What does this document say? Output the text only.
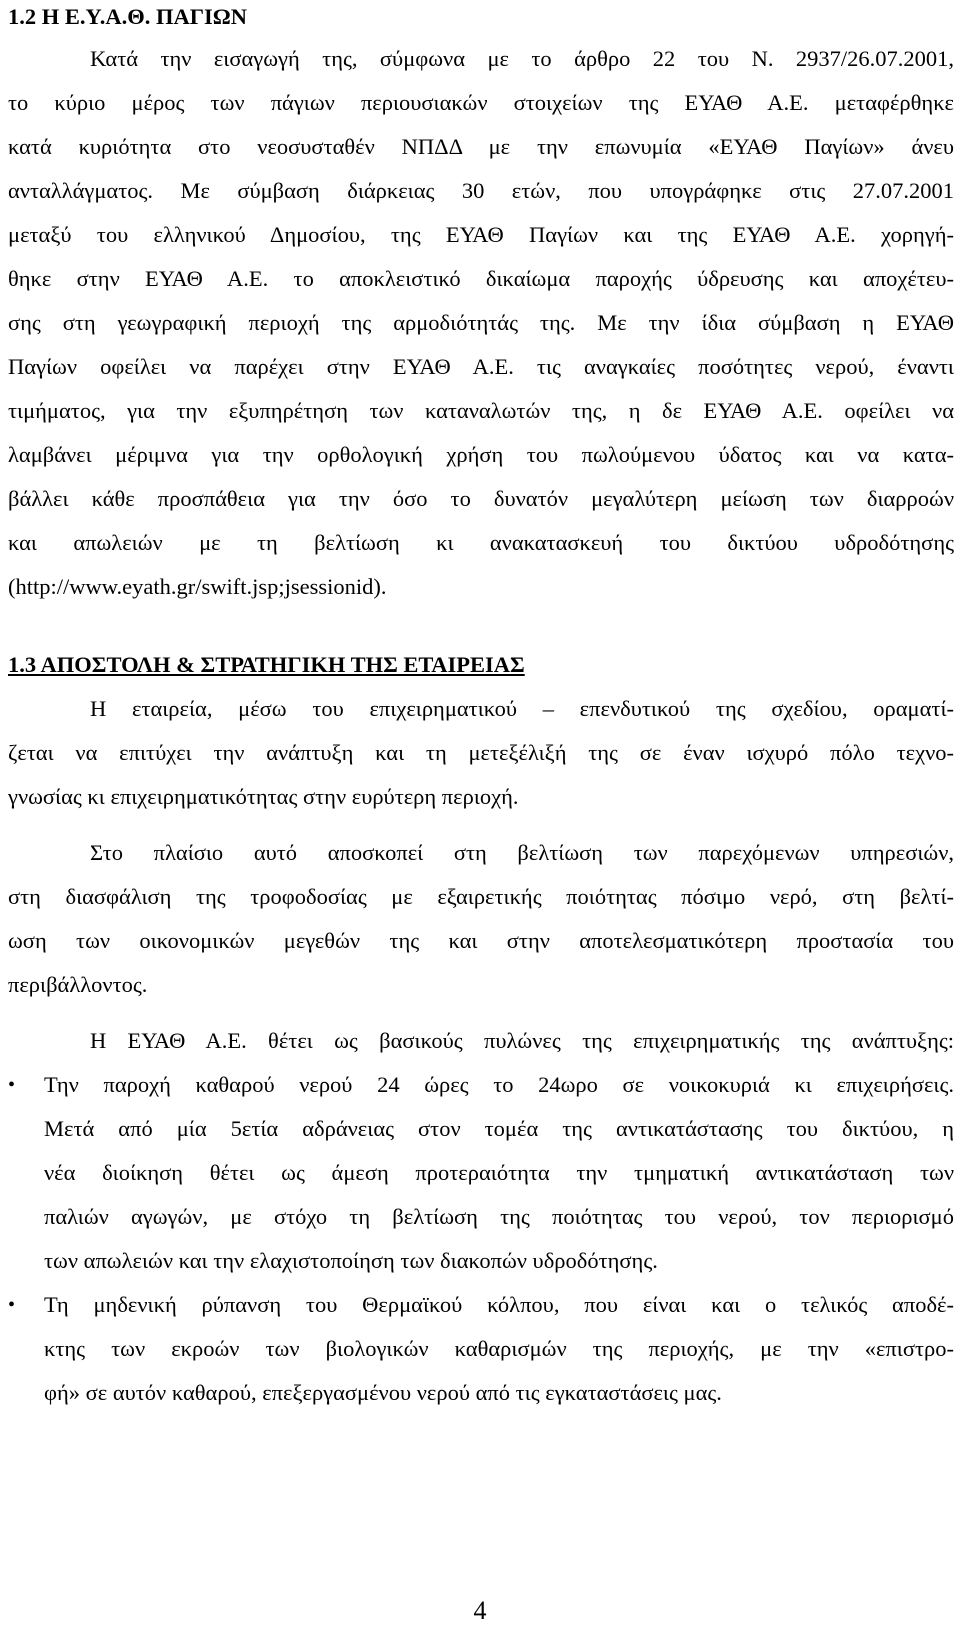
1.2 Η Ε.Υ.Α.Θ. ΠΑΓΙΩΝ
Κατά την εισαγωγή της, σύμφωνα με το άρθρο 22 του Ν. 2937/26.07.2001,
το κύριο μέρος των πάγιων περιουσιακών στοιχείων της ΕΥΑΘ Α.Ε. μεταφέρθηκε
κατά κυριότητα στο νεοσυσταθέν ΝΠΔΔ με την επωνυμία «ΕΥΑΘ Παγίων» άνευ
ανταλλάγματος. Με σύμβαση διάρκειας 30 ετών, που υπογράφηκε στις 27.07.2001
μεταξύ του ελληνικού Δημοσίου, της ΕΥΑΘ Παγίων και της ΕΥΑΘ Α.Ε. χορηγή-
θηκε στην ΕΥΑΘ Α.Ε. το αποκλειστικό δικαίωμα παροχής ύδρευσης και αποχέτευ-
σης στη γεωγραφική περιοχή της αρμοδιότητάς της. Με την ίδια σύμβαση η ΕΥΑΘ
Παγίων οφείλει να παρέχει στην ΕΥΑΘ Α.Ε. τις αναγκαίες ποσότητες νερού, έναντι
τιμήματος, για την εξυπηρέτηση των καταναλωτών της, η δε ΕΥΑΘ Α.Ε. οφείλει να
λαμβάνει μέριμνα για την ορθολογική χρήση του πωλούμενου ύδατος και να κατα-
βάλλει κάθε προσπάθεια για την όσο το δυνατόν μεγαλύτερη μείωση των διαρροών
και απωλειών με τη βελτίωση κι ανακατασκευή του δικτύου υδροδότησης
(http://www.eyath.gr/swift.jsp;jsessionid).
1.3 ΑΠΟΣΤΟΛΗ & ΣΤΡΑΤΗΓΙΚΗ ΤΗΣ ΕΤΑΙΡΕΙΑΣ
Η εταιρεία, μέσω του επιχειρηματικού – επενδυτικού της σχεδίου, οραματί-
ζεται να επιτύχει την ανάπτυξη και τη μετεξέλιξή της σε έναν ισχυρό πόλο τεχνο-
γνωσίας κι επιχειρηματικότητας στην ευρύτερη περιοχή.
Στο πλαίσιο αυτό αποσκοπεί στη βελτίωση των παρεχόμενων υπηρεσιών,
στη διασφάλιση της τροφοδοσίας με εξαιρετικής ποιότητας πόσιμο νερό, στη βελτί-
ωση των οικονομικών μεγεθών της και στην αποτελεσματικότερη προστασία του
περιβάλλοντος.
Η ΕΥΑΘ Α.Ε. θέτει ως βασικούς πυλώνες της επιχειρηματικής της ανάπτυξης:
• Την παροχή καθαρού νερού 24 ώρες το 24ωρο σε νοικοκυριά κι επιχειρήσεις.
Μετά από μία 5ετία αδράνειας στον τομέα της αντικατάστασης του δικτύου, η
νέα διοίκηση θέτει ως άμεση προτεραιότητα την τμηματική αντικατάσταση των
παλιών αγωγών, με στόχο τη βελτίωση της ποιότητας του νερού, τον περιορισμό
των απωλειών και την ελαχιστοποίηση των διακοπών υδροδότησης.
• Τη μηδενική ρύπανση του Θερμαϊκού κόλπου, που είναι και ο τελικός αποδέ-
κτης των εκροών των βιολογικών καθαρισμών της περιοχής, με την «επιστρο-
φή» σε αυτόν καθαρού, επεξεργασμένου νερού από τις εγκαταστάσεις μας.
4
